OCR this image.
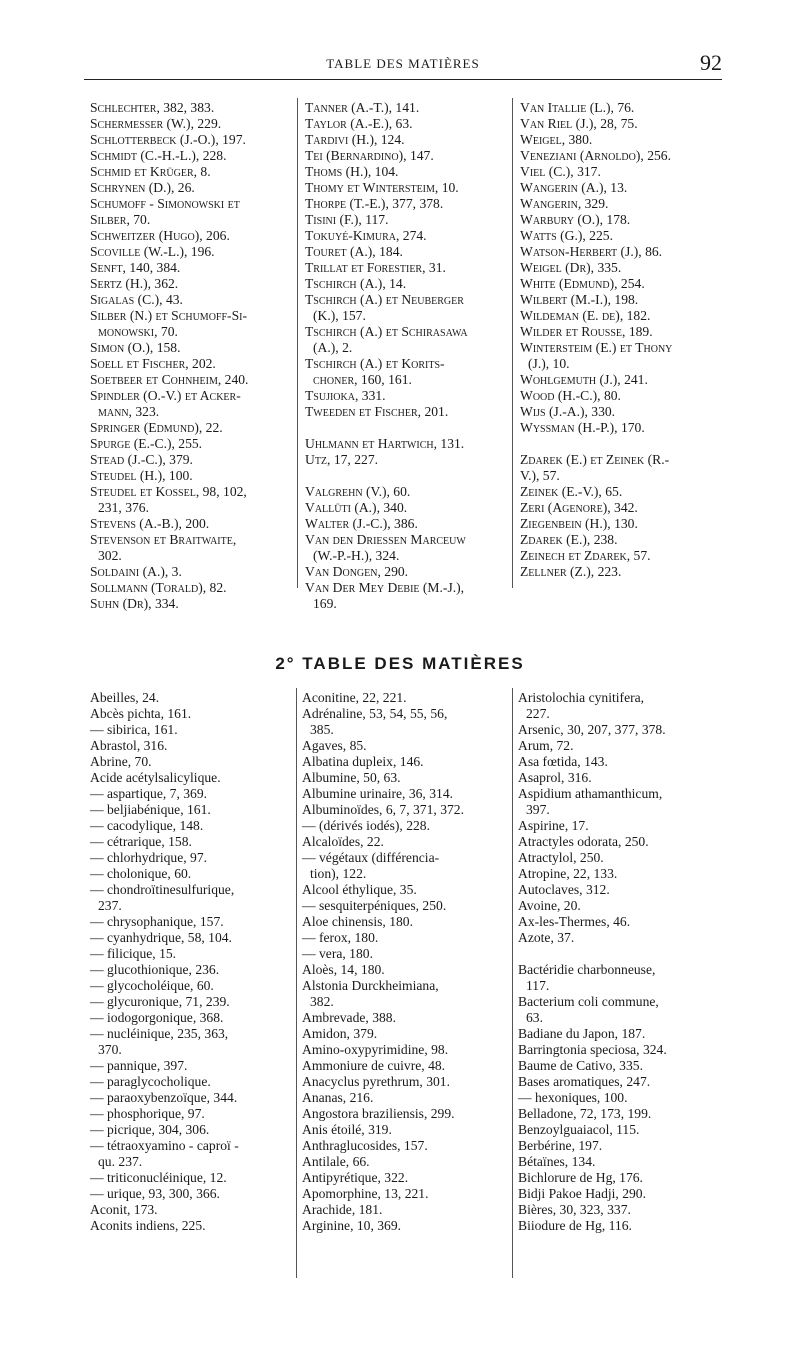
TABLE DES MATIÈRES	92
Schlechter, 382, 383.
Schermesser (W.), 229.
Schlotterbeck (J.-O.), 197.
Schmidt (C.-H.-L.), 228.
Schmid et Krüger, 8.
Schrynen (D.), 26.
Schumoff - Simonowski et
Silber, 70.
Schweitzer (Hugo), 206.
Scoville (W.-L.), 196.
Senft, 140, 384.
Sertz (H.), 362.
Sigalas (C.), 43.
Silber (N.) et Schumoff-Si-
monowski, 70.
Simon (O.), 158.
Soell et Fischer, 202.
Soetbeer et Cohnheim, 240.
Spindler (O.-V.) et Acker-
mann, 323.
Springer (Edmund), 22.
Spurge (E.-C.), 255.
Stead (J.-C.), 379.
Steudel (H.), 100.
Steudel et Kossel, 98, 102,
231, 376.
Stevens (A.-B.), 200.
Stevenson et Braitwaite,
302.
Soldaini (A.), 3.
Sollmann (Torald), 82.
Suhn (Dr), 334.
Tanner (A.-T.), 141.
Taylor (A.-E.), 63.
Tardivi (H.), 124.
Tei (Bernardino), 147.
Thoms (H.), 104.
Thomy et Wintersteim, 10.
Thorpe (T.-E.), 377, 378.
Tisini (F.), 117.
Tokuyé-Kimura, 274.
Touret (A.), 184.
Trillat et Forestier, 31.
Tschirch (A.), 14.
Tschirch (A.) et Neuberger
(K.), 157.
Tschirch (A.) et Schirasawa
(A.), 2.
Tschirch (A.) et Korits-
choner, 160, 161.
Tsujioka, 331.
Tweeden et Fischer, 201.
Uhlmann et Hartwich, 131.
Utz, 17, 227.
Valgrehn (V.), 60.
Vallüti (A.), 340.
Walter (J.-C.), 386.
Van den Driessen Marceuw
(W.-P.-H.), 324.
Van Dongen, 290.
Van Der Mey Debie (M.-J.),
169.
Van Itallie (L.), 76.
Van Riel (J.), 28, 75.
Weigel, 380.
Veneziani (Arnoldo), 256.
Viel (C.), 317.
Wangerin (A.), 13.
Wangerin, 329.
Warbury (O.), 178.
Watts (G.), 225.
Watson-Herbert (J.), 86.
Weigel (Dr), 335.
White (Edmund), 254.
Wilbert (M.-I.), 198.
Wildeman (E. de), 182.
Wilder et Rousse, 189.
Wintersteim (E.) et Thony
(J.), 10.
Wohlgemuth (J.), 241.
Wood (H.-C.), 80.
Wijs (J.-A.), 330.
Wyssman (H.-P.), 170.
Zdarek (E.) et Zeinek (R.-
V.), 57.
Zeinek (E.-V.), 65.
Zeri (Agenore), 342.
Ziegenbein (H.), 130.
Zdarek (E.), 238.
Zeinech et Zdarek, 57.
Zellner (Z.), 223.
2° TABLE DES MATIÈRES
Abeilles, 24.
Abcès pichta, 161.
— sibirica, 161.
Abrastol, 316.
Abrine, 70.
Acide acétylsalicylique.
— aspartique, 7, 369.
— beljiabénique, 161.
— cacodylique, 148.
— cétrarique, 158.
— chlorhydrique, 97.
— cholonique, 60.
— chondroïtinesulfurique,
237.
— chrysophanique, 157.
— cyanhydrique, 58, 104.
— filicique, 15.
— glucothionique, 236.
— glycocholéique, 60.
— glycuronique, 71, 239.
— iodogorgonique, 368.
— nucléinique, 235, 363,
370.
— pannique, 397.
— paraglycocholique.
— paraoxybenzoïque, 344.
— phosphorique, 97.
— picrique, 304, 306.
— tétraoxyamino - caproï -
qu. 237.
— triticonucléinique, 12.
— urique, 93, 300, 366.
Aconit, 173.
Aconits indiens, 225.
Aconitine, 22, 221.
Adrénaline, 53, 54, 55, 56,
385.
Agaves, 85.
Albatina dupleix, 146.
Albumine, 50, 63.
Albumine urinaire, 36, 314.
Albuminoïdes, 6, 7, 371, 372.
— (dérivés iodés), 228.
Alcaloïdes, 22.
— végétaux (différencia-
tion), 122.
Alcool éthylique, 35.
— sesquiterpéniques, 250.
Aloe chinensis, 180.
— ferox, 180.
— vera, 180.
Aloès, 14, 180.
Alstonia Durckheimiana,
382.
Ambrevade, 388.
Amidon, 379.
Amino-oxypyrimidine, 98.
Ammoniure de cuivre, 48.
Anacyclus pyrethrum, 301.
Ananas, 216.
Angostora braziliensis, 299.
Anis étoilé, 319.
Anthraglucosides, 157.
Antilale, 66.
Antipyrétique, 322.
Apomorphine, 13, 221.
Arachide, 181.
Arginine, 10, 369.
Aristolochia cynitifera,
227.
Arsenic, 30, 207, 377, 378.
Arum, 72.
Asa fœtida, 143.
Asaprol, 316.
Aspidium athamanthicum,
397.
Aspirine, 17.
Atractyles odorata, 250.
Atractylol, 250.
Atropine, 22, 133.
Autoclaves, 312.
Avoine, 20.
Ax-les-Thermes, 46.
Azote, 37.
Bactéridie charbonneuse,
117.
Bacterium coli commune,
63.
Badiane du Japon, 187.
Barringtonia speciosa, 324.
Baume de Cativo, 335.
Bases aromatiques, 247.
— hexoniques, 100.
Belladone, 72, 173, 199.
Benzoylguaiacol, 115.
Berbérine, 197.
Bétaïnes, 134.
Bichlorure de Hg, 176.
Bidji Pakoe Hadji, 290.
Bières, 30, 323, 337.
Biiodure de Hg, 116.
